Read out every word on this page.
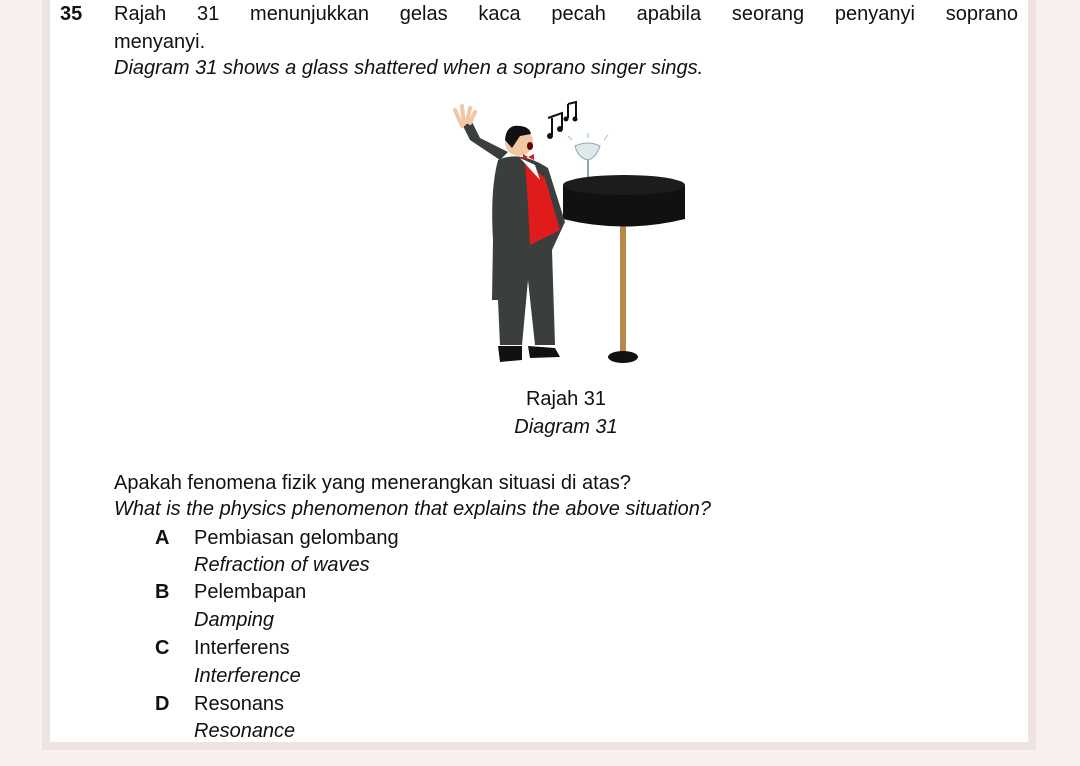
35 Rajah 31 menunjukkan gelas kaca pecah apabila seorang penyanyi soprano
menyanyi.
Diagram 31 shows a glass shattered when a soprano singer sings.
Rajah 31
Diagram 31
Apakah fenomena fizik yang menerangkan situasi di atas?
What is the physics phenomenon that explains the above situation?
A Pembiasan gelombang
Refraction of waves
B Pelembapan
Damping
C Interferens
Interference
D Resonans
Resonance
